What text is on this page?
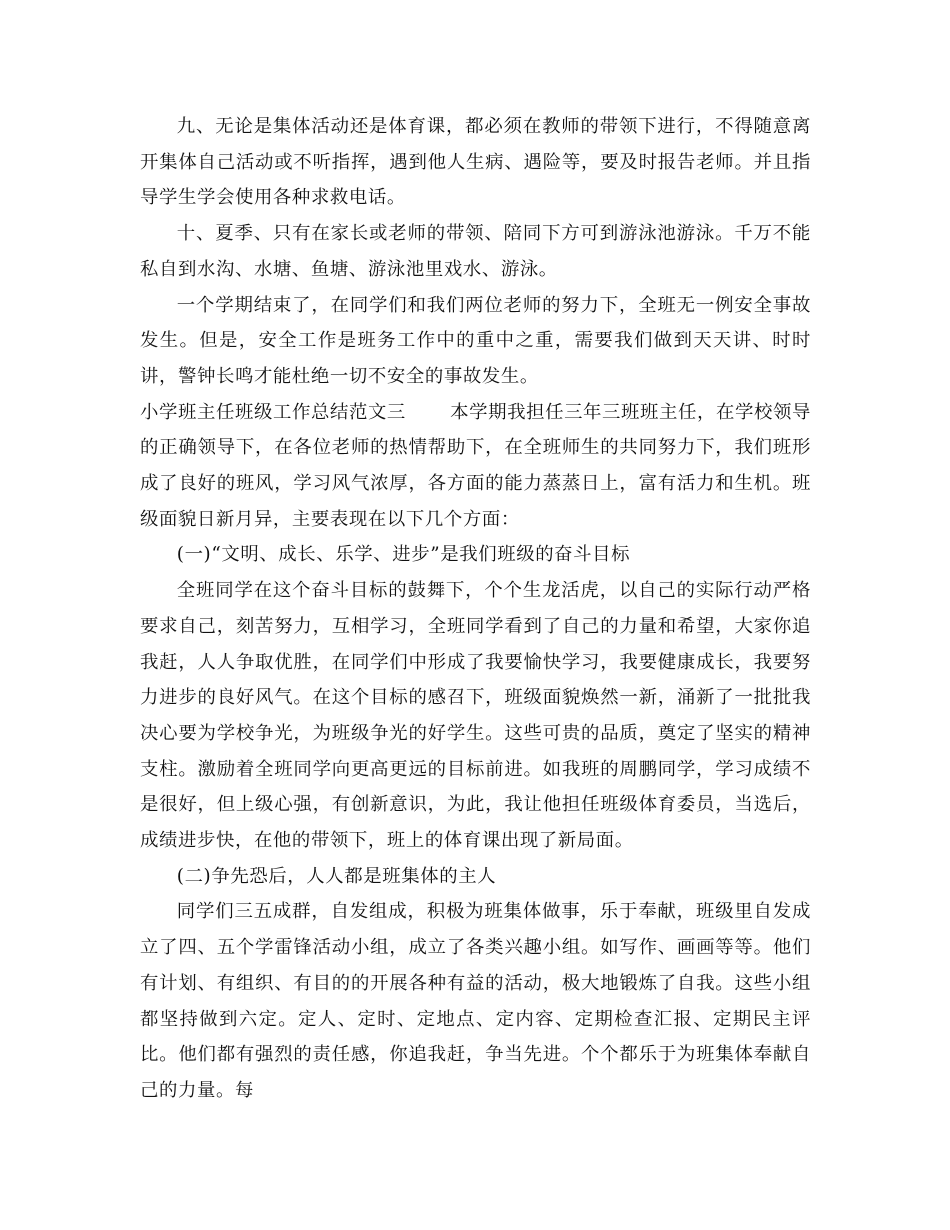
九、无论是集体活动还是体育课，都必须在教师的带领下进行，不得随意离开集体自己活动或不听指挥，遇到他人生病、遇险等，要及时报告老师。并且指导学生学会使用各种求救电话。

十、夏季、只有在家长或老师的带领、陪同下方可到游泳池游泳。千万不能私自到水沟、水塘、鱼塘、游泳池里戏水、游泳。

一个学期结束了，在同学们和我们两位老师的努力下，全班无一例安全事故发生。但是，安全工作是班务工作中的重中之重，需要我们做到天天讲、时时讲，警钟长鸣才能杜绝一切不安全的事故发生。

小学班主任班级工作总结范文三 本学期我担任三年三班班主任，在学校领导的正确领导下，在各位老师的热情帮助下，在全班师生的共同努力下，我们班形成了良好的班风，学习风气浓厚，各方面的能力蒸蒸日上，富有活力和生机。班级面貌日新月异，主要表现在以下几个方面：

(一)“文明、成长、乐学、进步”是我们班级的奋斗目标

全班同学在这个奋斗目标的鼓舞下，个个生龙活虎，以自己的实际行动严格要求自己，刻苦努力，互相学习，全班同学看到了自己的力量和希望，大家你追我赶，人人争取优胜，在同学们中形成了我要愉快学习，我要健康成长，我要努力进步的良好风气。在这个目标的感召下，班级面貌焕然一新，涌新了一批批我决心要为学校争光，为班级争光的好学生。这些可贵的品质，奠定了坚实的精神支柱。激励着全班同学向更高更远的目标前进。如我班的周鹏同学，学习成绩不是很好，但上级心强，有创新意识，为此，我让他担任班级体育委员，当选后，成绩进步快，在他的带领下，班上的体育课出现了新局面。

(二)争先恐后，人人都是班集体的主人

同学们三五成群，自发组成，积极为班集体做事，乐于奉献，班级里自发成立了四、五个学雷锋活动小组，成立了各类兴趣小组。如写作、画画等等。他们有计划、有组织、有目的的开展各种有益的活动，极大地锻炼了自我。这些小组都坚持做到六定。定人、定时、定地点、定内容、定期检查汇报、定期民主评比。他们都有强烈的责任感，你追我赶，争当先进。个个都乐于为班集体奉献自己的力量。每
